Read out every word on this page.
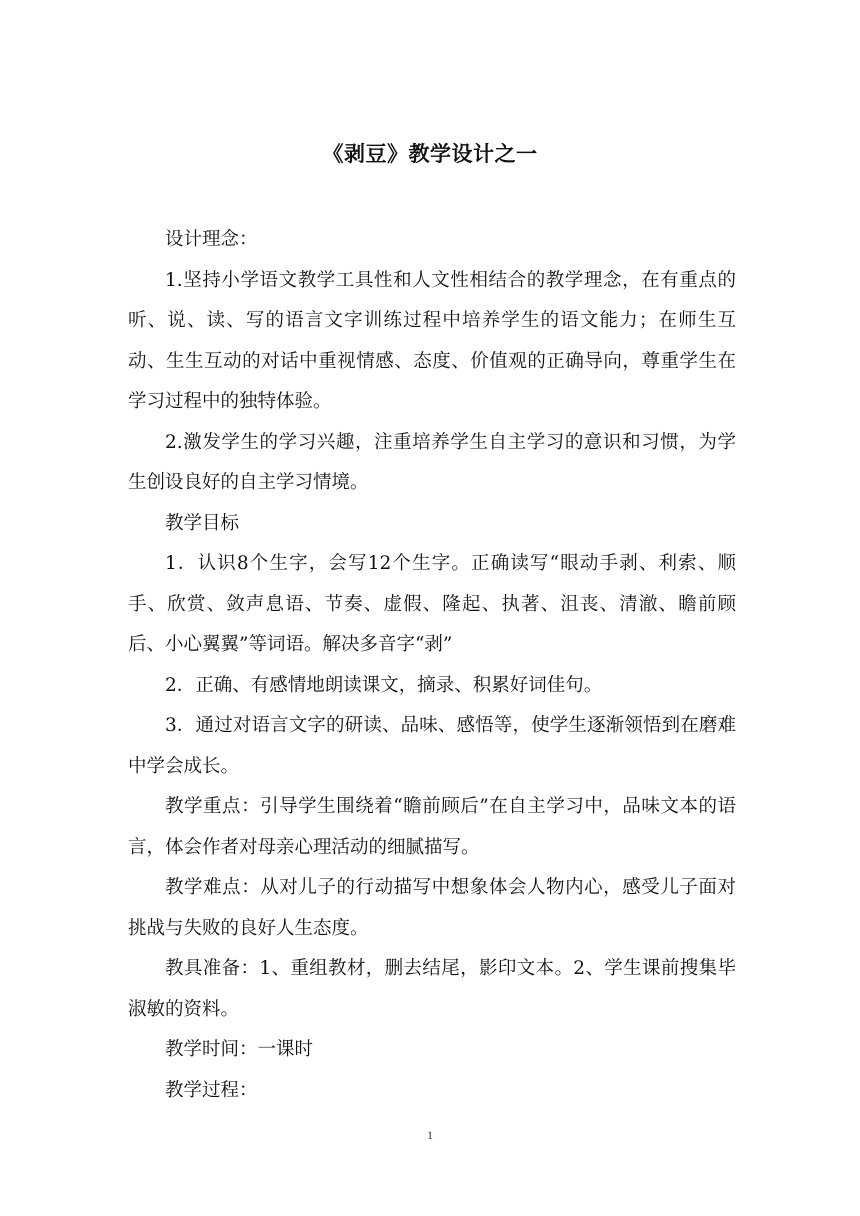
《剥豆》教学设计之一

设计理念：

1.坚持小学语文教学工具性和人文性相结合的教学理念，在有重点的听、说、读、写的语言文字训练过程中培养学生的语文能力；在师生互动、生生互动的对话中重视情感、态度、价值观的正确导向，尊重学生在学习过程中的独特体验。

2.激发学生的学习兴趣，注重培养学生自主学习的意识和习惯，为学生创设良好的自主学习情境。

教学目标

1．认识8个生字，会写12个生字。正确读写“眼动手剥、利索、顺手、欣赏、敛声息语、节奏、虚假、隆起、执著、沮丧、清澈、瞻前顾后、小心翼翼”等词语。解决多音字“剥”

2．正确、有感情地朗读课文，摘录、积累好词佳句。

3．通过对语言文字的研读、品味、感悟等，使学生逐渐领悟到在磨难中学会成长。

教学重点：引导学生围绕着“瞻前顾后”在自主学习中，品味文本的语言，体会作者对母亲心理活动的细腻描写。

教学难点：从对儿子的行动描写中想象体会人物内心，感受儿子面对挑战与失败的良好人生态度。

教具准备：1、重组教材，删去结尾，影印文本。2、学生课前搜集毕淑敏的资料。

教学时间：一课时

教学过程：

1
